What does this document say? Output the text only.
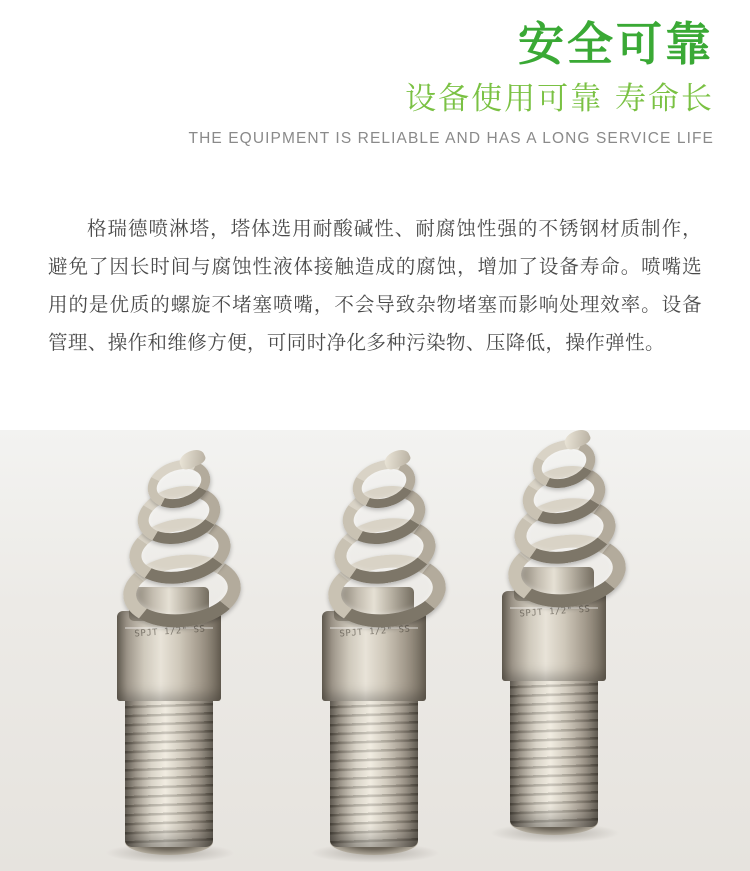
安全可靠
设备使用可靠 寿命长
THE EQUIPMENT IS RELIABLE AND HAS A LONG SERVICE LIFE
格瑞德喷淋塔，塔体选用耐酸碱性、耐腐蚀性强的不锈钢材质制作，避免了因长时间与腐蚀性液体接触造成的腐蚀，增加了设备寿命。喷嘴选用的是优质的螺旋不堵塞喷嘴，不会导致杂物堵塞而影响处理效率。设备管理、操作和维修方便，可同时净化多种污染物、压降低，操作弹性。
SPJT 1/2" SS	SPJT 1/2" SS
SPJT 1/2" SS
